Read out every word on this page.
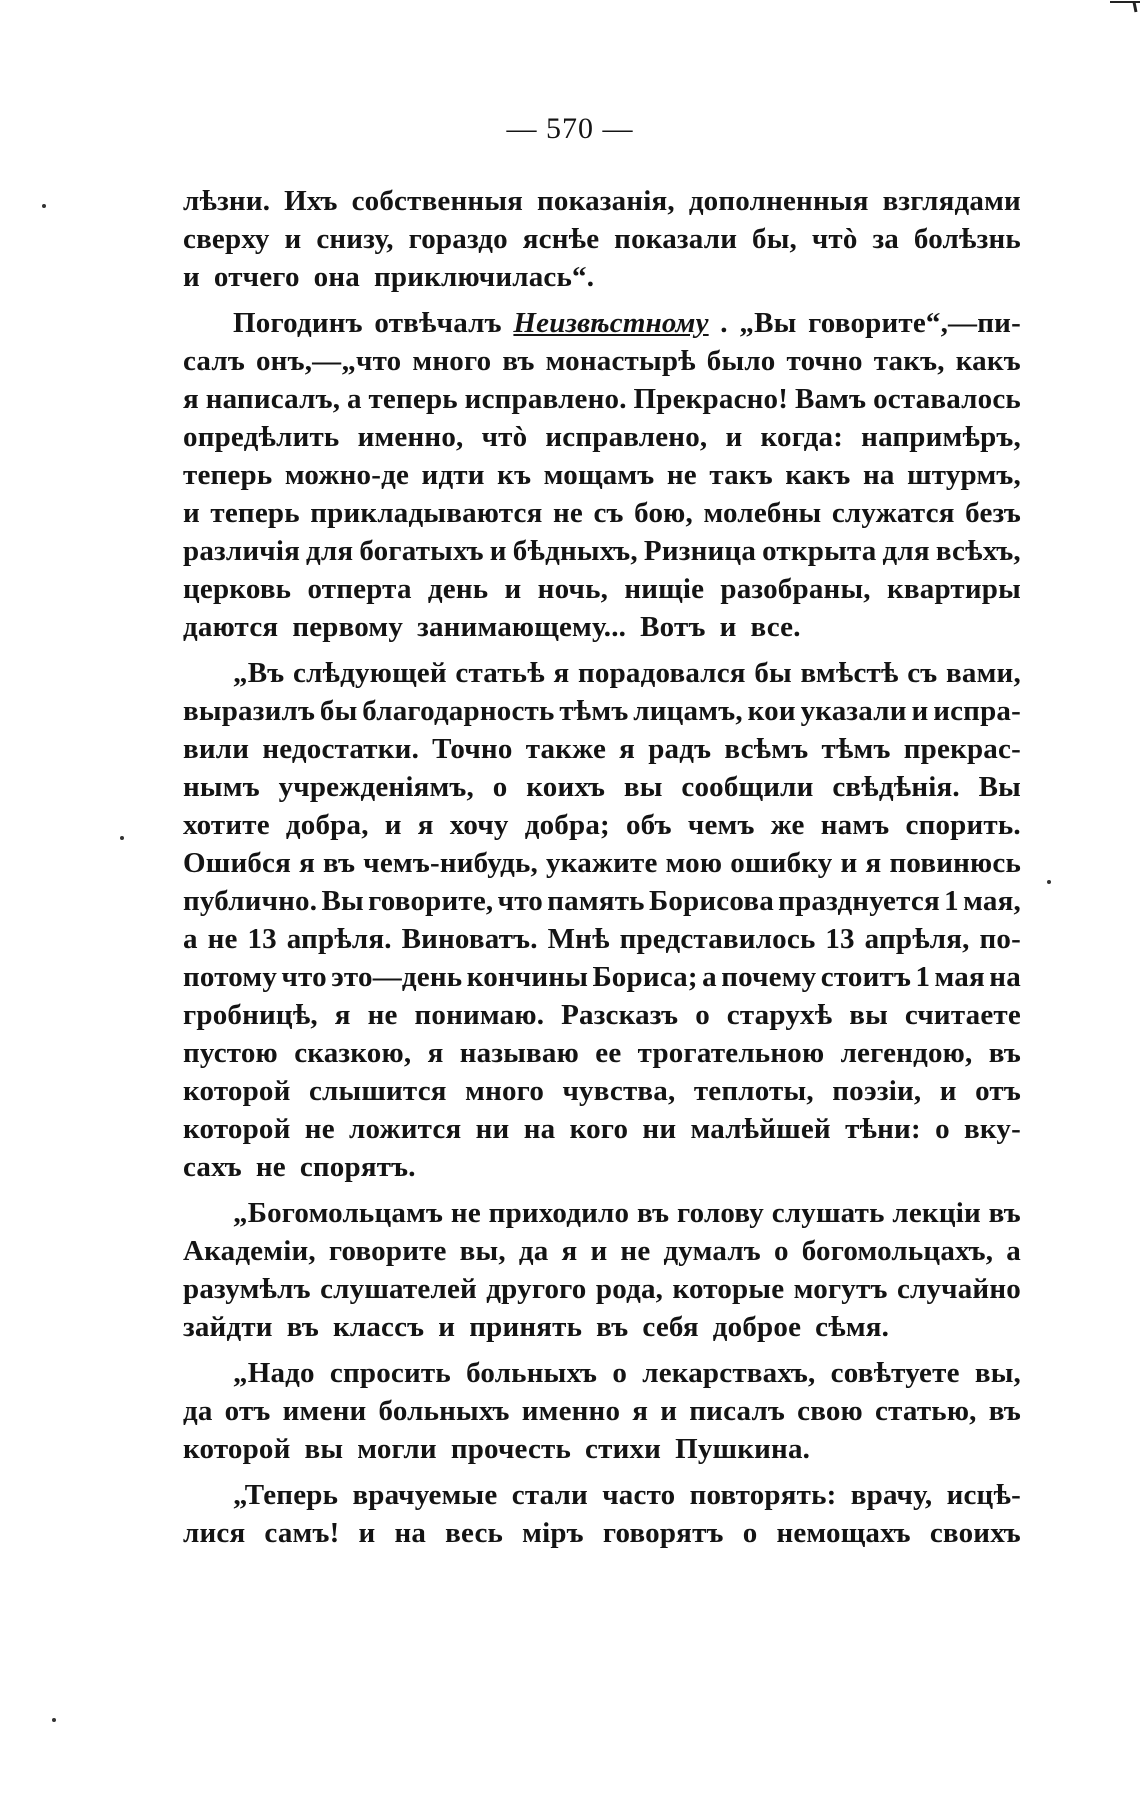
— 570 —
лѣзни. Ихъ собственныя показанія, дополненныя взглядами
сверху и снизу, гораздо яснѣе показали бы, чтò за болѣзнь
и отчего она приключилась“.
Погодинъ отвѣчалъ Неизвѣстному . „Вы говорите“,—пи-
салъ онъ,—„что много въ монастырѣ было точно такъ, какъ
я написалъ, а теперь исправлено. Прекрасно! Вамъ оставалось
опредѣлить именно, чтò исправлено, и когда: напримѣръ,
теперь можно-де идти къ мощамъ не такъ какъ на штурмъ,
и теперь прикладываются не съ бою, молебны служатся безъ
различія для богатыхъ и бѣдныхъ, Ризница открыта для всѣхъ,
церковь отперта день и ночь, нищіе разобраны, квартиры
даются первому занимающему... Вотъ и все.
„Въ слѣдующей статьѣ я порадовался бы вмѣстѣ съ вами,
выразилъ бы благодарность тѣмъ лицамъ, кои указали и испра-
вили недостатки. Точно также я радъ всѣмъ тѣмъ прекрас-
нымъ учрежденіямъ, о коихъ вы сообщили свѣдѣнія. Вы
хотите добра, и я хочу добра; объ чемъ же намъ спорить.
Ошибся я въ чемъ-нибудь, укажите мою ошибку и я повинюсь
публично. Вы говорите, что память Борисова празднуется 1 мая,
а не 13 апрѣля. Виноватъ. Мнѣ представилось 13 апрѣля, по-
потому что это—день кончины Бориса; а почему стоитъ 1 мая на
гробницѣ, я не понимаю. Разсказъ о старухѣ вы считаете
пустою сказкою, я называю ее трогательною легендою, въ
которой слышится много чувства, теплоты, поэзіи, и отъ
которой не ложится ни на кого ни малѣйшей тѣни: о вку-
сахъ не спорятъ.
„Богомольцамъ не приходило въ голову слушать лекціи въ
Академіи, говорите вы, да я и не думалъ о богомольцахъ, а
разумѣлъ слушателей другого рода, которые могутъ случайно
зайдти въ классъ и принять въ себя доброе сѣмя.
„Надо спросить больныхъ о лекарствахъ, совѣтуете вы,
да отъ имени больныхъ именно я и писалъ свою статью, въ
которой вы могли прочесть стихи Пушкина.
„Теперь врачуемые стали часто повторять: врачу, исцѣ-
лися самъ! и на весь міръ говорятъ о немощахъ своихъ
